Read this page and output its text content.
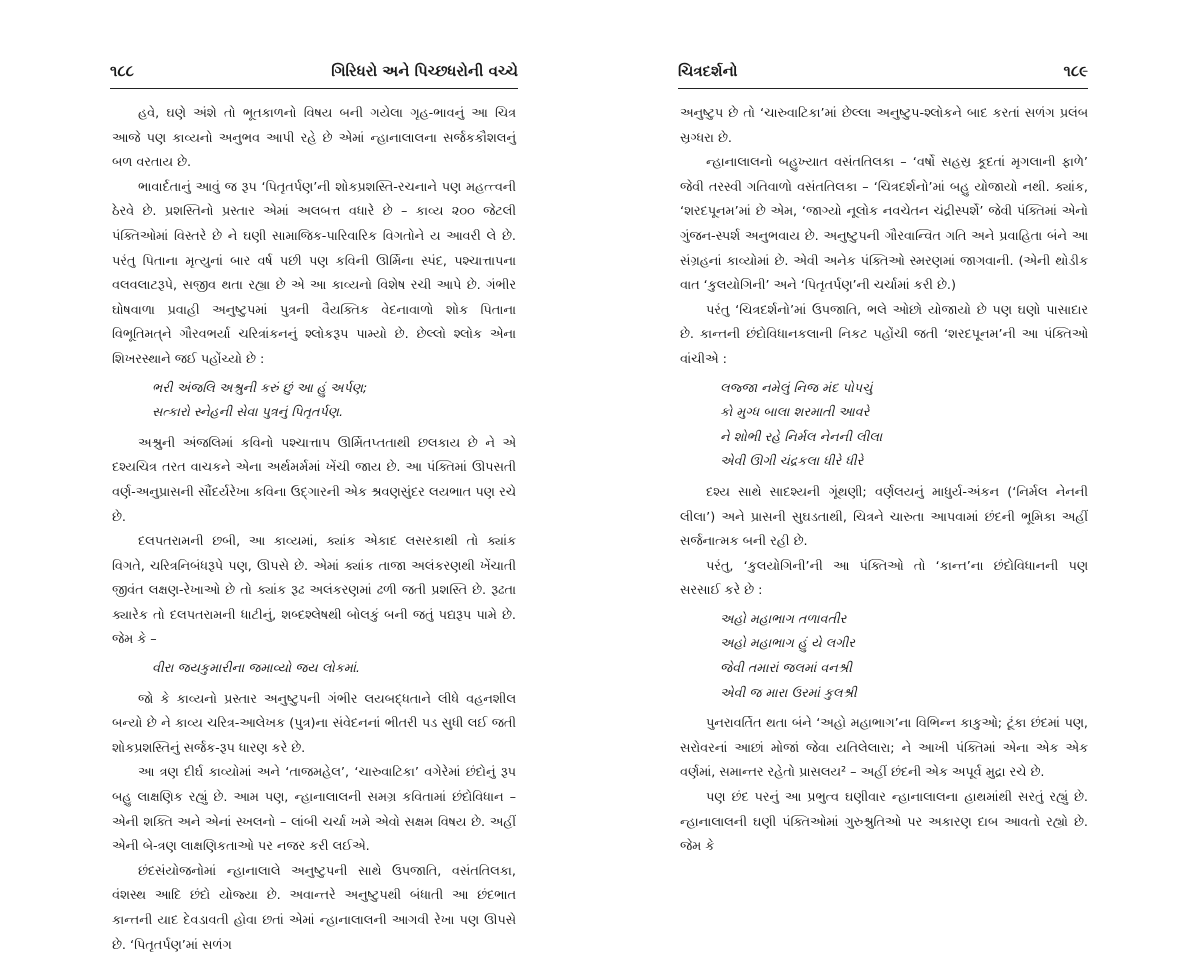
૧૮૮	ગિરિધરો અને પિચ્છધરોની વચ્ચે

હવે, ઘણે અંશે તો ભૂતકાળનો વિષય બની ગયેલા ગૃહ-ભાવનું આ ચિત્ર આજે પણ કાવ્યનો અનુભવ આપી રહે છે એમાં ન્હાનાલાલના સર્જકકૌશલનું બળ વરતાય છે.

ભાવાર્દતાનું આવું જ રૂપ ‘પિતૃતર્પણ’ની શોકપ્રશસ્તિ-રચનાને પણ મહત્ત્વની ઠેરવે છે. પ્રશસ્તિનો પ્રસ્તાર એમાં અલબત્ત વધારે છે – કાવ્ય ૨૦૦ જેટલી પંક્તિઓમાં વિસ્તરે છે ને ઘણી સામાજિક-પારિવારિક વિગતોને ય આવરી લે છે. પરંતુ પિતાના મૃત્યુનાં બાર વર્ષ પછી પણ કવિની ઊર્મિના સ્પંદ, પશ્ચાત્તાપના વલવલાટરૂપે, સજીવ થતા રહ્યા છે એ આ કાવ્યનો વિશેષ રચી આપે છે. ગંભીર ઘોષવાળા પ્રવાહી અનુષ્ટુપમાં પુત્રની વૈયક્તિક વેદનાવાળો શોક પિતાના વિભૂતિમત્‌ને ગૌરવભર્યા ચરિત્રાંકનનું શ્લોકરૂપ પામ્યો છે. છેલ્લો શ્લોક એના શિખરસ્થાને જઈ પહોંચ્યો છે :

ભરી અંજલિ અશ્રુની કરું છું આ હું અર્પણ;
સત્કારો સ્નેહની સેવા પુત્રનું પિતૃતર્પણ.

અશ્રુની અંજલિમાં કવિનો પશ્ચાત્તાપ ઊર્મિતપ્તતાથી છલકાય છે ને એ દશ્યચિત્ર તરત વાચકને એના અર્થમર્મમાં ખેંચી જાય છે. આ પંક્તિમાં ઊપસતી વર્ણ-અનુપ્રાસની સૌંદર્યરેખા કવિના ઉદ્‌ગારની એક શ્રવણસુંદર લયભાત પણ રચે છે.

દલપતરામની છબી, આ કાવ્યમાં, ક્યાંક એકાદ લસરકાથી તો ક્યાંક વિગતે, ચરિત્રનિબંધરૂપે પણ, ઊપસે છે. એમાં ક્યાંક તાજા અલંકરણથી ખેંચાતી જીવંત લક્ષણ-રેખાઓ છે તો ક્યાંક રૂઢ અલંકરણમાં ઢળી જતી પ્રશસ્તિ છે. રૂઢતા ક્યારેક તો દલપતરામની ધાટીનું, શબ્દશ્લેષથી બોલકું બની જતું પદ્યરૂપ પામે છે. જેમ કે –

વીરા જયકુમારીના જમાવ્યો જય લોકમાં.

જો કે કાવ્યનો પ્રસ્તાર અનુષ્ટુપની ગંભીર લયબદ્ધતાને લીધે વહનશીલ બન્યો છે ને કાવ્ય ચરિત્ર-આલેખક (પુત્ર)ના સંવેદનનાં ભીતરી પડ સુધી લઈ જતી શોકપ્રશસ્તિનું સર્જક-રૂપ ધારણ કરે છે.

આ ત્રણ દીર્ઘ કાવ્યોમાં અને ‘તાજમહેલ’, ‘ચારુવાટિકા’ વગેરેમાં છંદોનું રૂપ બહુ લાક્ષણિક રહ્યું છે. આમ પણ, ન્હાનાલાલની સમગ્ર કવિતામાં છંદોવિધાન – એની શક્તિ અને એનાં સ્ખલનો – લાંબી ચર્ચા ખમે એવો સક્ષમ વિષય છે. અહીં એની બે-ત્રણ લાક્ષણિકતાઓ પર નજર કરી લઈએ.

છંદસંયોજનોમાં ન્હાનાલાલે અનુષ્ટુપની સાથે ઉપજાતિ, વસંતતિલકા, વંશસ્થ આદિ છંદો યોજ્યા છે. અવાન્તરે અનુષ્ટુપથી બંધાતી આ છંદભાત કાન્તની યાદ દેવડાવતી હોવા છતાં એમાં ન્હાનાલાલની આગવી રેખા પણ ઊપસે છે. ‘પિતૃતર્પણ’માં સળંગ

ચિત્રદર્શનો	૧૮૯

અનુષ્ટુપ છે તો ‘ચારુવાટિકા’માં છેલ્લા અનુષ્ટુપ-શ્લોકને બાદ કરતાં સળંગ પ્રલંબ સ્રગ્ધરા છે.

ન્હાનાલાલનો બહુખ્યાત વસંતતિલકા – ‘વર્ષો સહસ્ર કૂદતાં મૃગલાની ફાળે’ જેવી તરસ્વી ગતિવાળો વસંતતિલકા – ‘ચિત્રદર્શનો’માં બહુ યોજાયો નથી. ક્યાંક, ‘શરદપૂનમ’માં છે એમ, ‘જાગ્યો નૂલોક નવચેતન ચંદ્રીસ્પર્શે’ જેવી પંક્તિમાં એનો ગુંજન-સ્પર્શ અનુભવાય છે. અનુષ્ટુપની ગૌરવાન્વિત ગતિ અને પ્રવાહિતા બંને આ સંગ્રહનાં કાવ્યોમાં છે. એવી અનેક પંક્તિઓ સ્મરણમાં જાગવાની. (એની થોડીક વાત ‘કુલયોગિની’ અને ‘પિતૃતર્પણ’ની ચર્ચામાં કરી છે.)

પરંતુ ‘ચિત્રદર્શનો’માં ઉપજાતિ, ભલે ઓછો યોજાયો છે પણ ઘણો પાસાદાર છે. કાન્તની છંદોવિધાનકલાની નિકટ પહોંચી જતી ‘શરદપૂનમ’ની આ પંક્તિઓ વાંચીએ :

લજ્જા નમેલું નિજ મંદ પોપચું
કો મુગ્ધ બાલા શરમાતી આવરે
ને શોભી રહે નિર્મલ નેનની લીલા
એવી ઊગી ચંદ્રકલા ધીરે ધીરે

દશ્ય સાથે સાદશ્યની ગૂંથણી; વર્ણલયનું માધુર્ય-અંકન (‘નિર્મલ નેનની લીલા’) અને પ્રાસની સુઘડતાથી, ચિત્રને ચારુતા આપવામાં છંદની ભૂમિકા અહીં સર્જનાત્મક બની રહી છે.

પરંતુ, ‘કુલયોગિની’ની આ પંક્તિઓ તો ‘કાન્ત’ના છંદોવિધાનની પણ સરસાઈ કરે છે :

અહો મહાભાગ તળાવતીર
અહો મહાભાગ હું યે લગીર
જેવી તમારાં જલમાં વનશ્રી
એવી જ મારા ઉરમાં કુલશ્રી

પુનરાવર્તિત થતા બંને ‘અહો મહાભાગ’ના વિભિન્ન કાકુઓ; ટૂંકા છંદમાં પણ, સરોવરનાં આછાં મોજાં જેવા યતિલેલારા; ને આખી પંક્તિમાં એના એક એક વર્ણમાં, સમાન્તર રહેતો પ્રાસલય² – અહીં છંદની એક અપૂર્વ મુદ્રા રચે છે.

પણ છંદ પરનું આ પ્રભુત્વ ઘણીવાર ન્હાનાલાલના હાથમાંથી સરતું રહ્યું છે. ન્હાનાલાલની ઘણી પંક્તિઓમાં ગુરુશ્રુતિઓ પર અકારણ દાબ આવતો રહ્યો છે. જેમ કે
